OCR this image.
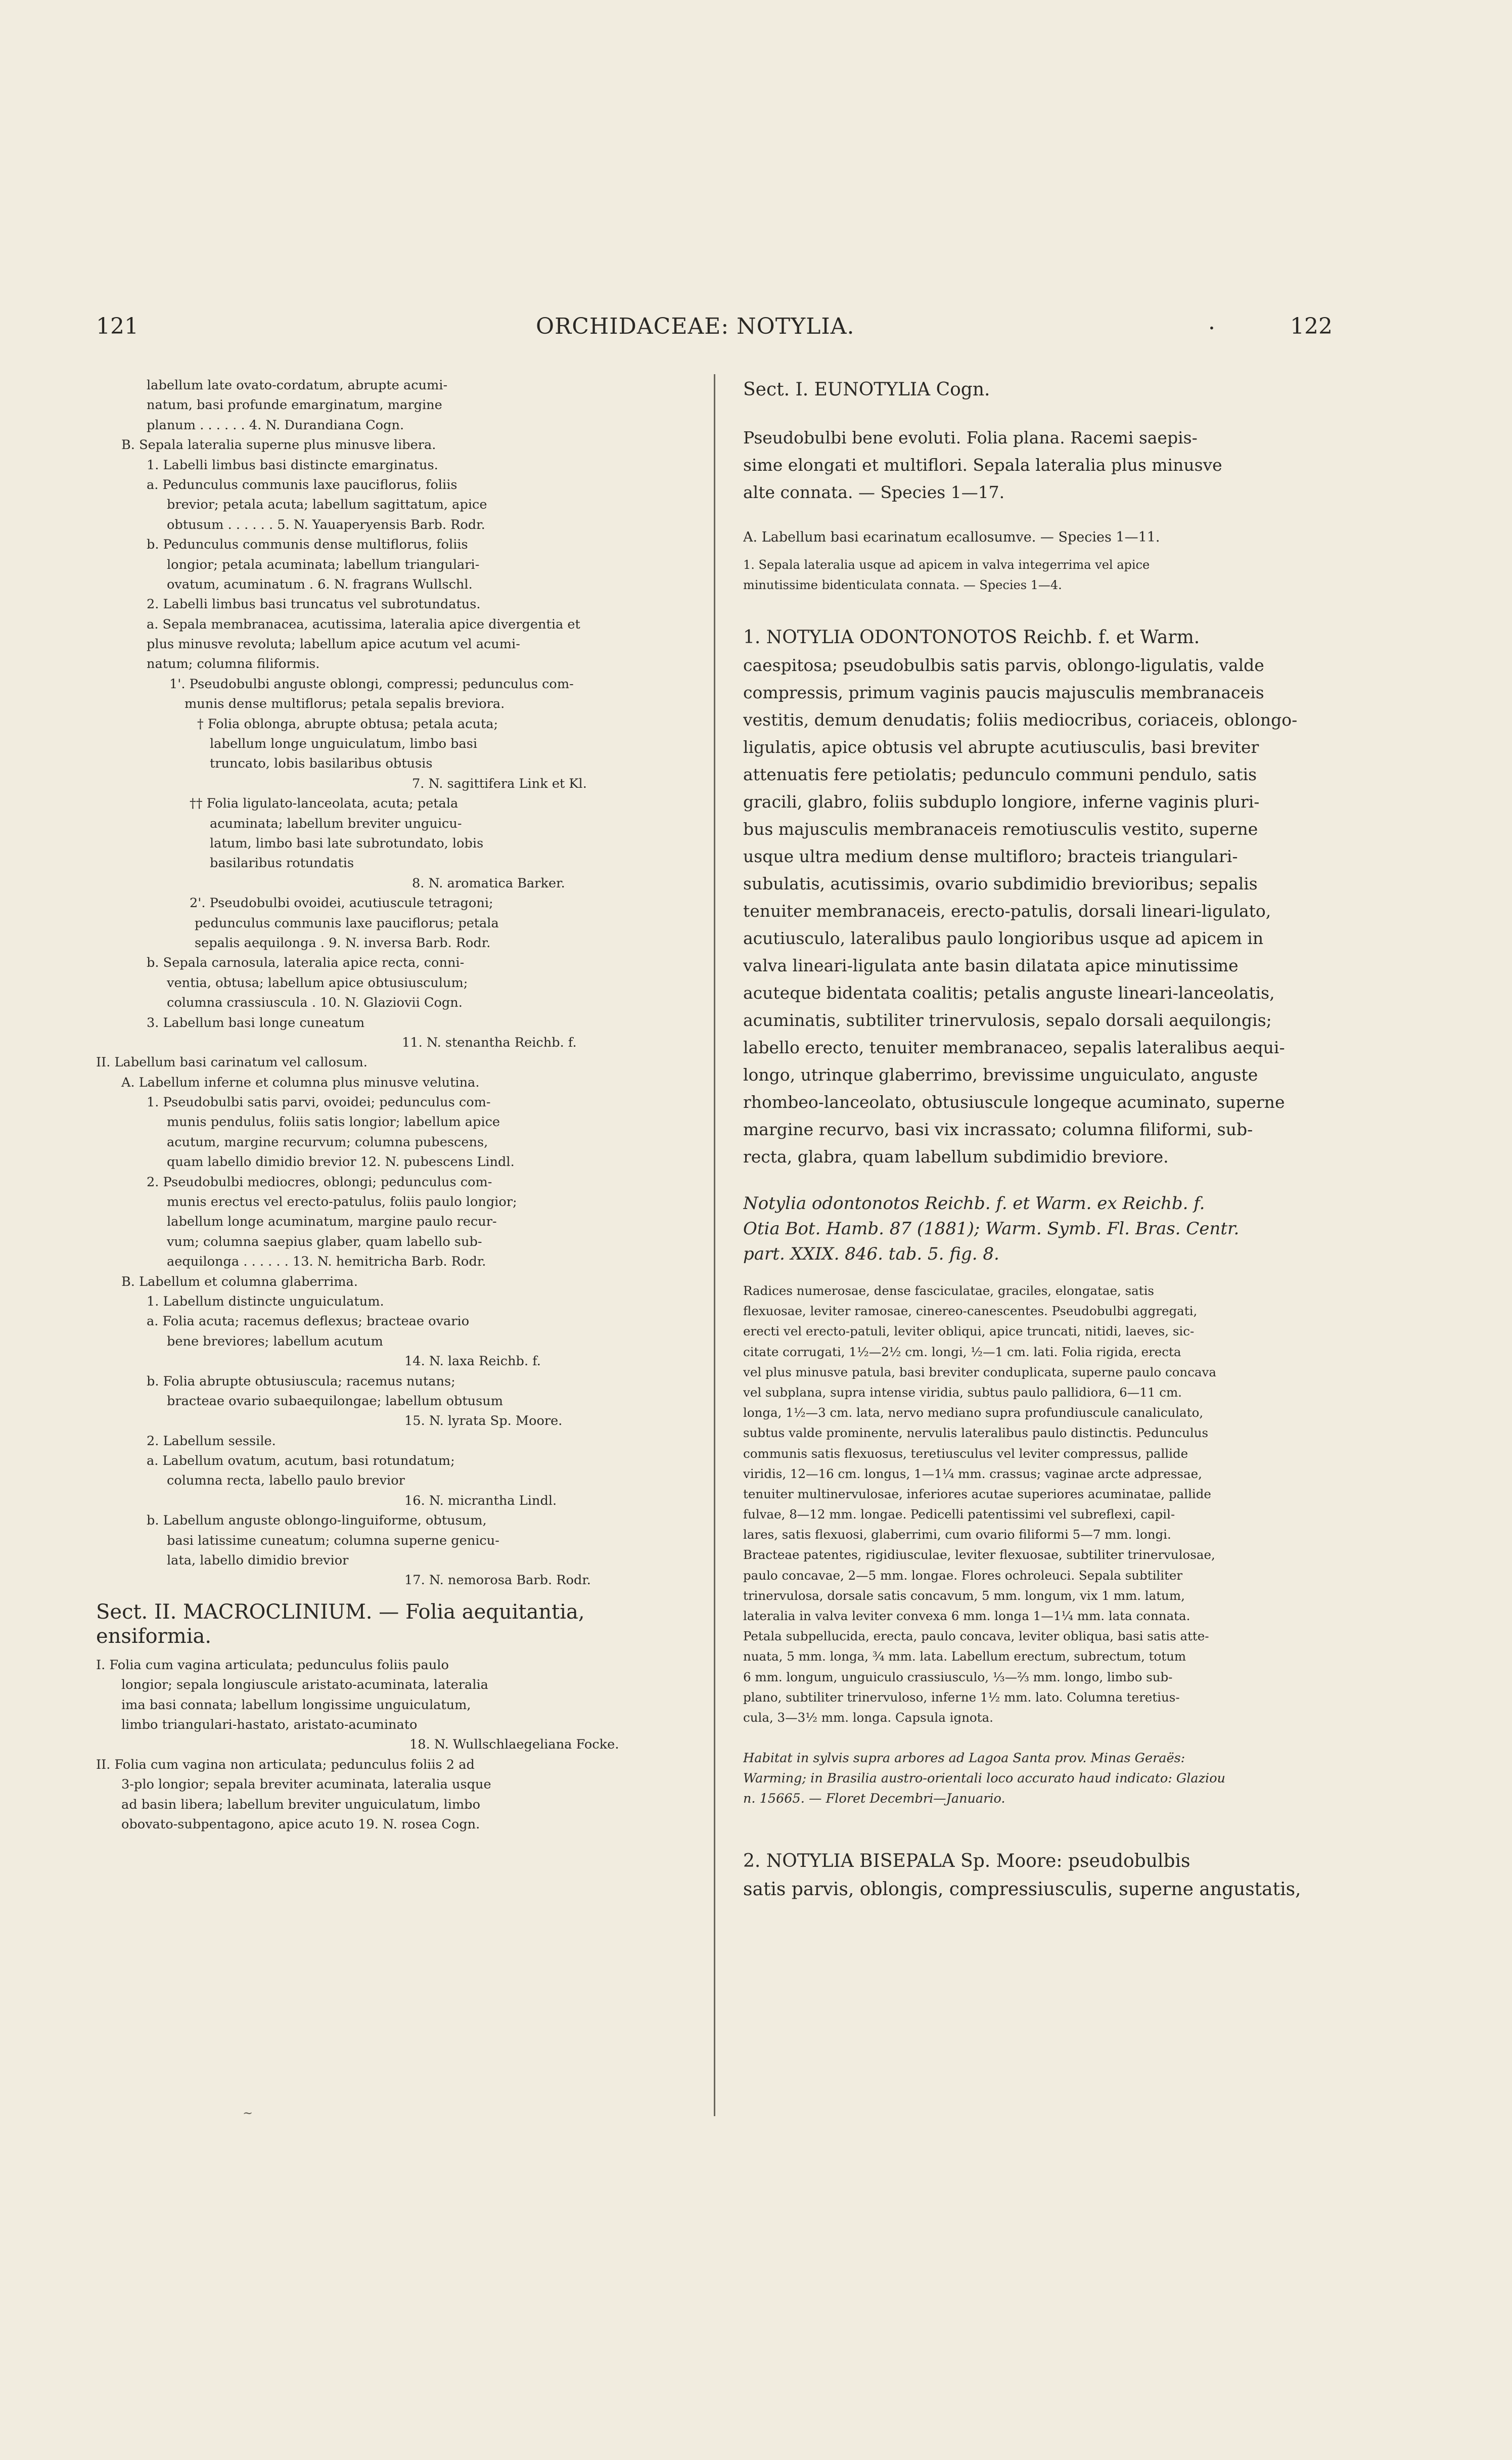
121	ORCHIDACEAE: NOTYLIA.	·	122
labellum late ovato-cordatum, abrupte acumi-
natum, basi profunde emarginatum, margine
planum . . . . . . 4. N. Durandiana Cogn.
B. Sepala lateralia superne plus minusve libera.
1. Labelli limbus basi distincte emarginatus.
a. Pedunculus communis laxe pauciflorus, foliis
brevior; petala acuta; labellum sagittatum, apice
obtusum . . . . . . 5. N. Yauaperyensis Barb. Rodr.
b. Pedunculus communis dense multiflorus, foliis
longior; petala acuminata; labellum triangulari-
ovatum, acuminatum . 6. N. fragrans Wullschl.
2. Labelli limbus basi truncatus vel subrotundatus.
a. Sepala membranacea, acutissima, lateralia apice divergentia et
plus minusve revoluta; labellum apice acutum vel acumi-
natum; columna filiformis.
1'. Pseudobulbi anguste oblongi, compressi; pedunculus com-
munis dense multiflorus; petala sepalis breviora.
† Folia oblonga, abrupte obtusa; petala acuta;
labellum longe unguiculatum, limbo basi
truncato, lobis basilaribus obtusis
7. N. sagittifera Link et Kl.
†† Folia ligulato-lanceolata, acuta; petala
acuminata; labellum breviter unguicu-
latum, limbo basi late subrotundato, lobis
basilaribus rotundatis
8. N. aromatica Barker.
2'. Pseudobulbi ovoidei, acutiuscule tetragoni;
pedunculus communis laxe pauciflorus; petala
sepalis aequilonga . 9. N. inversa Barb. Rodr.
b. Sepala carnosula, lateralia apice recta, conni-
ventia, obtusa; labellum apice obtusiusculum;
columna crassiuscula . 10. N. Glaziovii Cogn.
3. Labellum basi longe cuneatum
11. N. stenantha Reichb. f.
II. Labellum basi carinatum vel callosum.
A. Labellum inferne et columna plus minusve velutina.
1. Pseudobulbi satis parvi, ovoidei; pedunculus com-
munis pendulus, foliis satis longior; labellum apice
acutum, margine recurvum; columna pubescens,
quam labello dimidio brevior 12. N. pubescens Lindl.
2. Pseudobulbi mediocres, oblongi; pedunculus com-
munis erectus vel erecto-patulus, foliis paulo longior;
labellum longe acuminatum, margine paulo recur-
vum; columna saepius glaber, quam labello sub-
aequilonga . . . . . . 13. N. hemitricha Barb. Rodr.
B. Labellum et columna glaberrima.
1. Labellum distincte unguiculatum.
a. Folia acuta; racemus deflexus; bracteae ovario
bene breviores; labellum acutum
14. N. laxa Reichb. f.
b. Folia abrupte obtusiuscula; racemus nutans;
bracteae ovario subaequilongae; labellum obtusum
15. N. lyrata Sp. Moore.
2. Labellum sessile.
a. Labellum ovatum, acutum, basi rotundatum;
columna recta, labello paulo brevior
16. N. micrantha Lindl.
b. Labellum anguste oblongo-linguiforme, obtusum,
basi latissime cuneatum; columna superne genicu-
lata, labello dimidio brevior
17. N. nemorosa Barb. Rodr.
Sect. II. MACROCLINIUM. — Folia aequitantia,
ensiformia.
I. Folia cum vagina articulata; pedunculus foliis paulo
longior; sepala longiuscule aristato-acuminata, lateralia
ima basi connata; labellum longissime unguiculatum,
limbo triangulari-hastato, aristato-acuminato
18. N. Wullschlaegeliana Focke.
II. Folia cum vagina non articulata; pedunculus foliis 2 ad
3-plo longior; sepala breviter acuminata, lateralia usque
ad basin libera; labellum breviter unguiculatum, limbo
obovato-subpentagono, apice acuto 19. N. rosea Cogn.
Sect. I. EUNOTYLIA Cogn.
Pseudobulbi bene evoluti. Folia plana. Racemi saepis-
sime elongati et multiflori. Sepala lateralia plus minusve
alte connata. — Species 1—17.
A. Labellum basi ecarinatum ecallosumve. — Species 1—11.
1. Sepala lateralia usque ad apicem in valva integerrima vel apice
minutissime bidenticulata connata. — Species 1—4.
1. NOTYLIA ODONTONOTOS Reichb. f. et Warm.
caespitosa; pseudobulbis satis parvis, oblongo-ligulatis, valde
compressis, primum vaginis paucis majusculis membranaceis
vestitis, demum denudatis; foliis mediocribus, coriaceis, oblongo-
ligulatis, apice obtusis vel abrupte acutiusculis, basi breviter
attenuatis fere petiolatis; pedunculo communi pendulo, satis
gracili, glabro, foliis subduplo longiore, inferne vaginis pluri-
bus majusculis membranaceis remotiusculis vestito, superne
usque ultra medium dense multifloro; bracteis triangulari-
subulatis, acutissimis, ovario subdimidio brevioribus; sepalis
tenuiter membranaceis, erecto-patulis, dorsali lineari-ligulato,
acutiusculo, lateralibus paulo longioribus usque ad apicem in
valva lineari-ligulata ante basin dilatata apice minutissime
acuteque bidentata coalitis; petalis anguste lineari-lanceolatis,
acuminatis, subtiliter trinervulosis, sepalo dorsali aequilongis;
labello erecto, tenuiter membranaceo, sepalis lateralibus aequi-
longo, utrinque glaberrimo, brevissime unguiculato, anguste
rhombeo-lanceolato, obtusiuscule longeque acuminato, superne
margine recurvo, basi vix incrassato; columna filiformi, sub-
recta, glabra, quam labellum subdimidio breviore.
Notylia odontonotos Reichb. f. et Warm. ex Reichb. f.
Otia Bot. Hamb. 87 (1881); Warm. Symb. Fl. Bras. Centr.
part. XXIX. 846. tab. 5. fig. 8.
Radices numerosae, dense fasciculatae, graciles, elongatae, satis
flexuosae, leviter ramosae, cinereo-canescentes. Pseudobulbi aggregati,
erecti vel erecto-patuli, leviter obliqui, apice truncati, nitidi, laeves, sic-
citate corrugati, 1½—2½ cm. longi, ½—1 cm. lati. Folia rigida, erecta
vel plus minusve patula, basi breviter conduplicata, superne paulo concava
vel subplana, supra intense viridia, subtus paulo pallidiora, 6—11 cm.
longa, 1½—3 cm. lata, nervo mediano supra profundiuscule canaliculato,
subtus valde prominente, nervulis lateralibus paulo distinctis. Pedunculus
communis satis flexuosus, teretiusculus vel leviter compressus, pallide
viridis, 12—16 cm. longus, 1—1¼ mm. crassus; vaginae arcte adpressae,
tenuiter multinervulosae, inferiores acutae superiores acuminatae, pallide
fulvae, 8—12 mm. longae. Pedicelli patentissimi vel subreflexi, capil-
lares, satis flexuosi, glaberrimi, cum ovario filiformi 5—7 mm. longi.
Bracteae patentes, rigidiusculae, leviter flexuosae, subtiliter trinervulosae,
paulo concavae, 2—5 mm. longae. Flores ochroleuci. Sepala subtiliter
trinervulosa, dorsale satis concavum, 5 mm. longum, vix 1 mm. latum,
lateralia in valva leviter convexa 6 mm. longa 1—1¼ mm. lata connata.
Petala subpellucida, erecta, paulo concava, leviter obliqua, basi satis atte-
nuata, 5 mm. longa, ¾ mm. lata. Labellum erectum, subrectum, totum
6 mm. longum, unguiculo crassiusculo, ⅓—⅔ mm. longo, limbo sub-
plano, subtiliter trinervuloso, inferne 1½ mm. lato. Columna teretius-
cula, 3—3½ mm. longa. Capsula ignota.
Habitat in sylvis supra arbores ad Lagoa Santa prov. Minas Geraës:
Warming; in Brasilia austro-orientali loco accurato haud indicato: Glaziou
n. 15665. — Floret Decembri—Januario.
2. NOTYLIA BISEPALA Sp. Moore: pseudobulbis
satis parvis, oblongis, compressiusculis, superne angustatis,
~
